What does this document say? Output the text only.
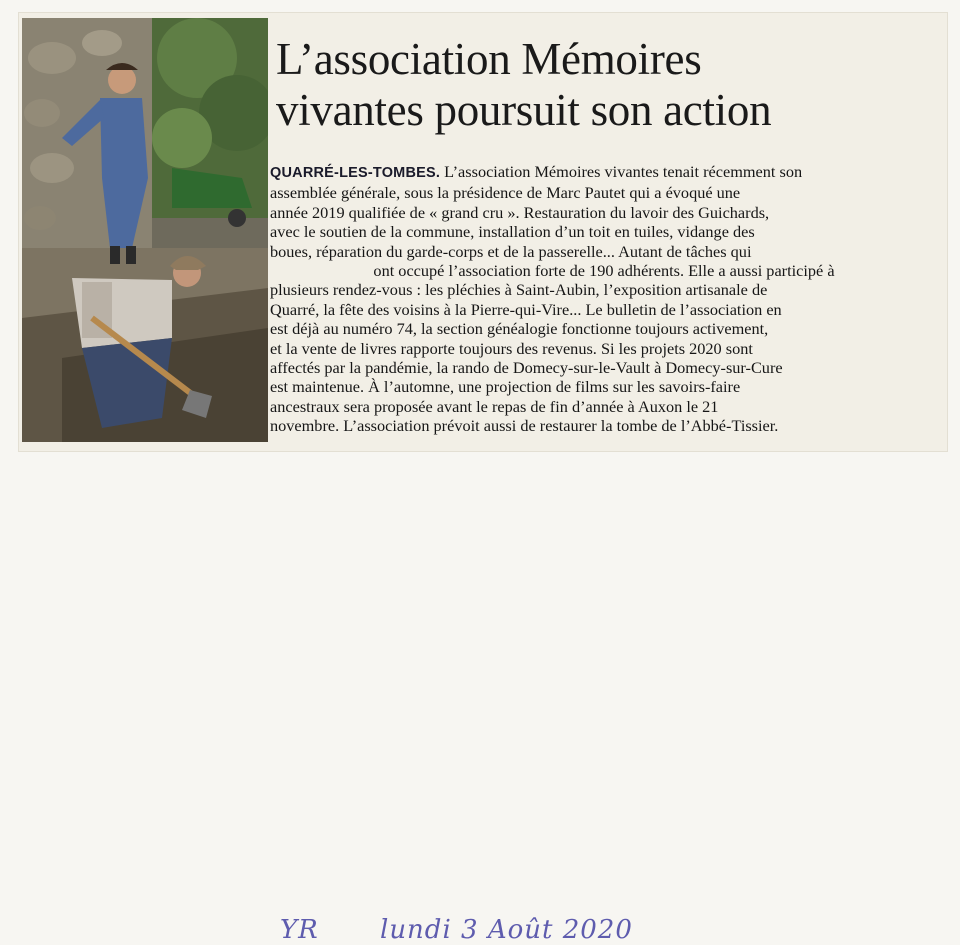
L’association Mémoires
vivantes poursuit son action
QUARRÉ-LES-TOMBES. L’association Mémoires vivantes tenait récemment son
assemblée générale, sous la présidence de Marc Pautet qui a évoqué une
année 2019 qualifiée de « grand cru ». Restauration du lavoir des Guichards,
avec le soutien de la commune, installation d’un toit en tuiles, vidange des
boues, réparation du garde-corps et de la passerelle... Autant de tâches qui
ont occupé l’association forte de 190 adhérents. Elle a aussi participé à
plusieurs rendez-vous : les pléchies à Saint-Aubin, l’exposition artisanale de
Quarré, la fête des voisins à la Pierre-qui-Vire... Le bulletin de l’association en
est déjà au numéro 74, la section généalogie fonctionne toujours activement,
et la vente de livres rapporte toujours des revenus. Si les projets 2020 sont
affectés par la pandémie, la rando de Domecy-sur-le-Vault à Domecy-sur-Cure
est maintenue. À l’automne, une projection de films sur les savoirs-faire
ancestraux sera proposée avant le repas de fin d’année à Auxon le 21
novembre. L’association prévoit aussi de restaurer la tombe de l’Abbé-Tissier.
YR lundi 3 Août 2020
